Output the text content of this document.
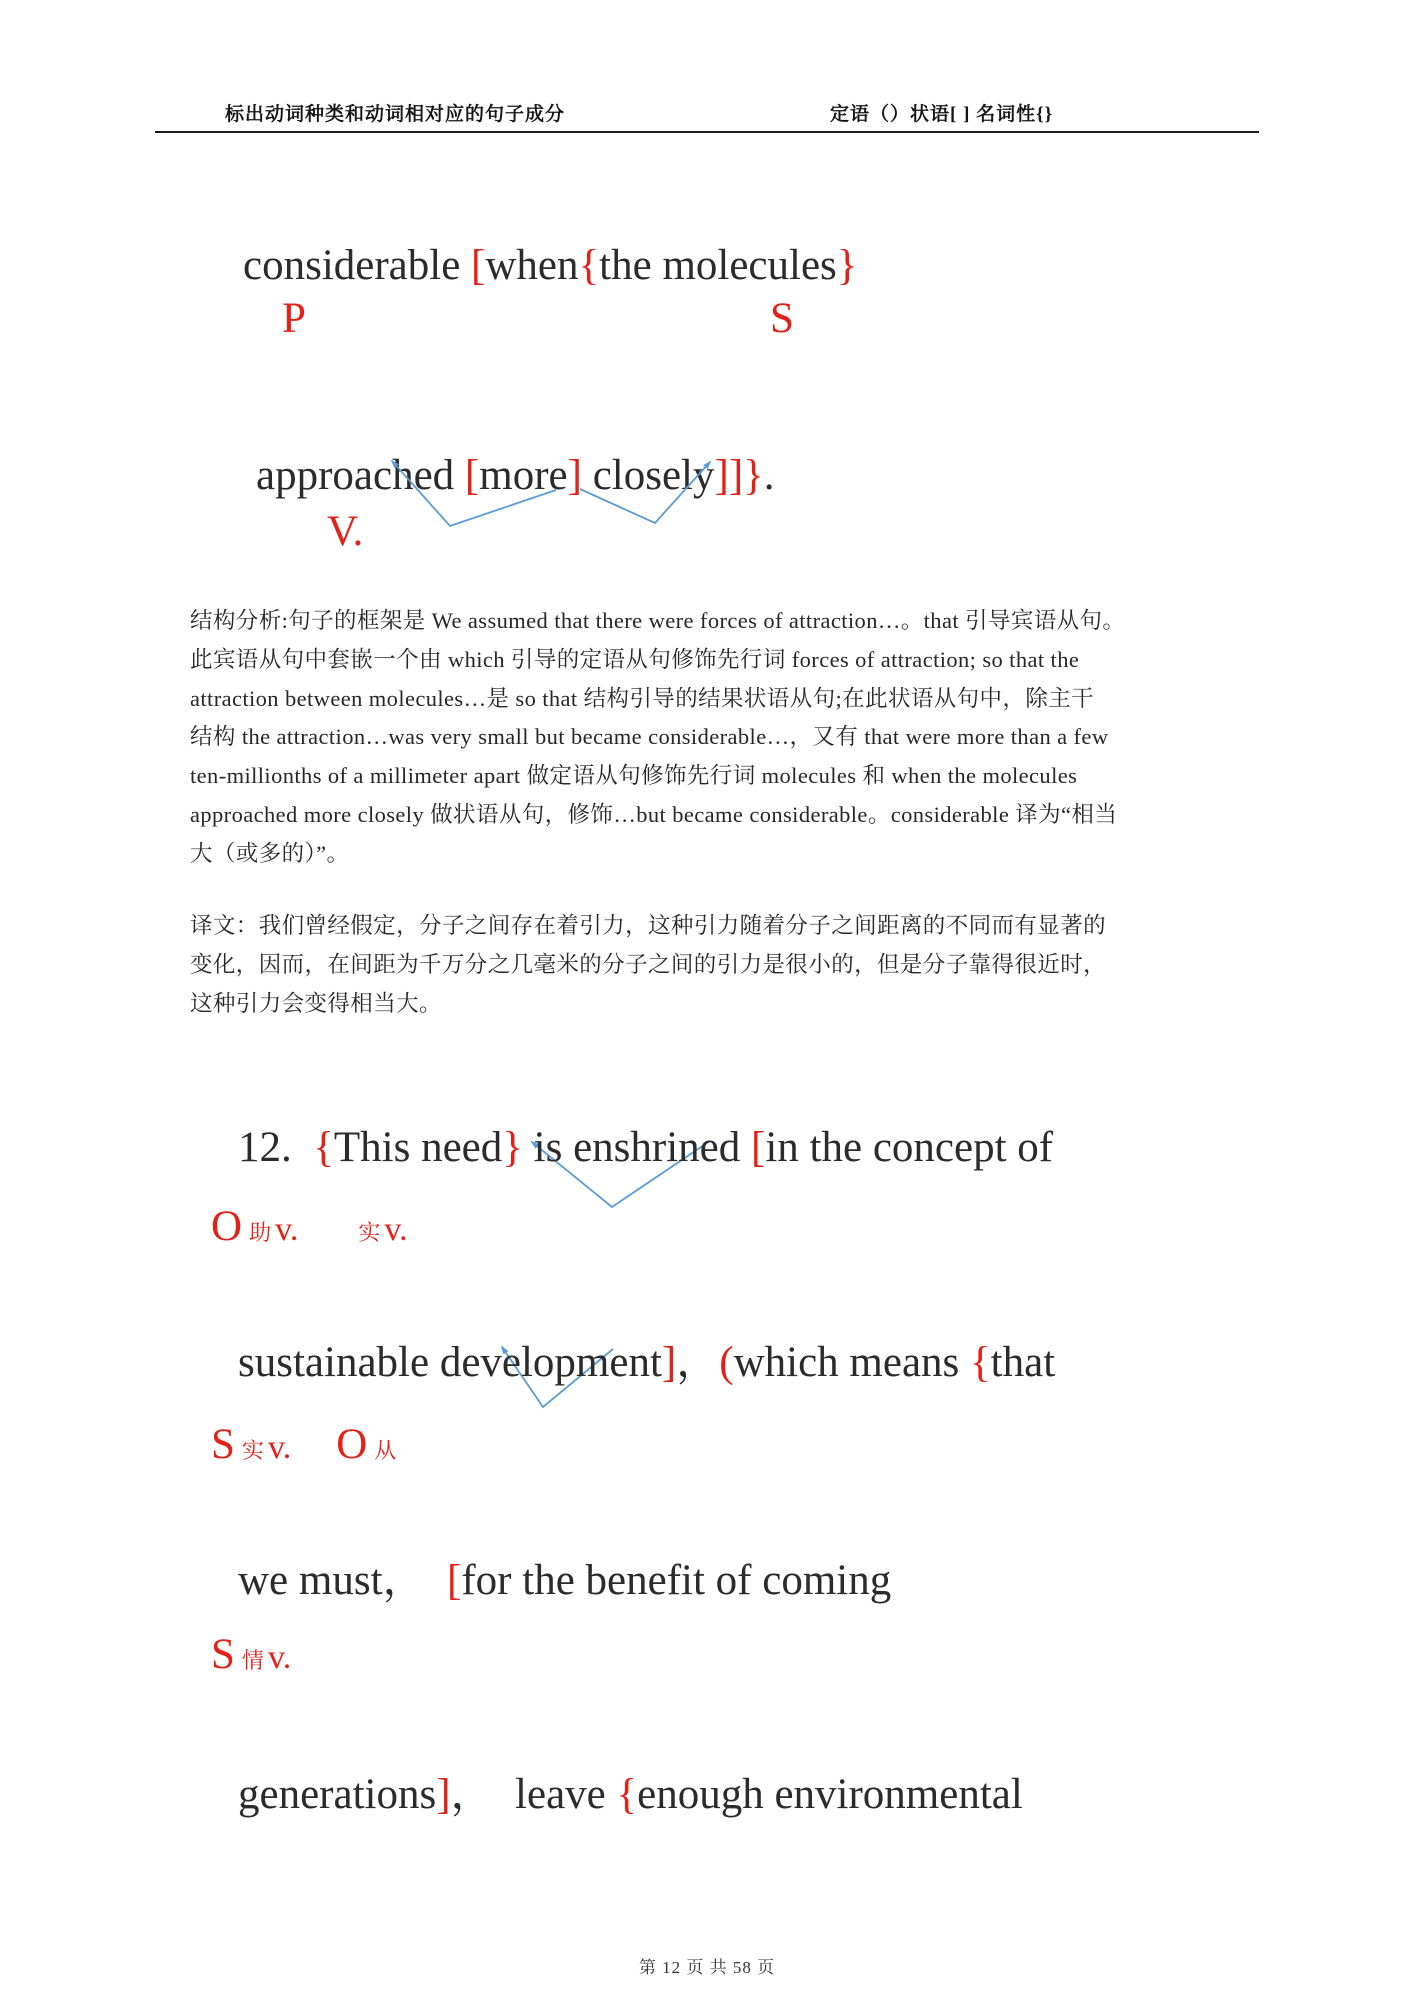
标出动词种类和动词相对应的句子成分	定语（）状语[ ] 名词性{}

considerable [when{the molecules}

P	S

approached [more] closely]]}.

V.
结构分析:句子的框架是 We assumed that there were forces of attraction…。that 引导宾语从句。
此宾语从句中套嵌一个由 which 引导的定语从句修饰先行词 forces of attraction; so that the
attraction between molecules…是 so that 结构引导的结果状语从句;在此状语从句中，除主干
结构 the attraction…was very small but became considerable…，又有 that were more than a few
ten-millionths of a millimeter apart 做定语从句修饰先行词 molecules 和 when the molecules
approached more closely 做状语从句，修饰…but became considerable。considerable 译为“相当
大（或多的）”。
译文：我们曾经假定，分子之间存在着引力，这种引力随着分子之间距离的不同而有显著的
变化，因而，在间距为千万分之几毫米的分子之间的引力是很小的，但是分子靠得很近时，
这种引力会变得相当大。

12.  {This need} is enshrined [in the concept of

O助 v.	实 v.

sustainable development]，(which means {that

S实 v. O 从

we must，  [for the benefit of coming

S情 v.

generations]，  leave {enough environmental

第 12 页 共 58 页
